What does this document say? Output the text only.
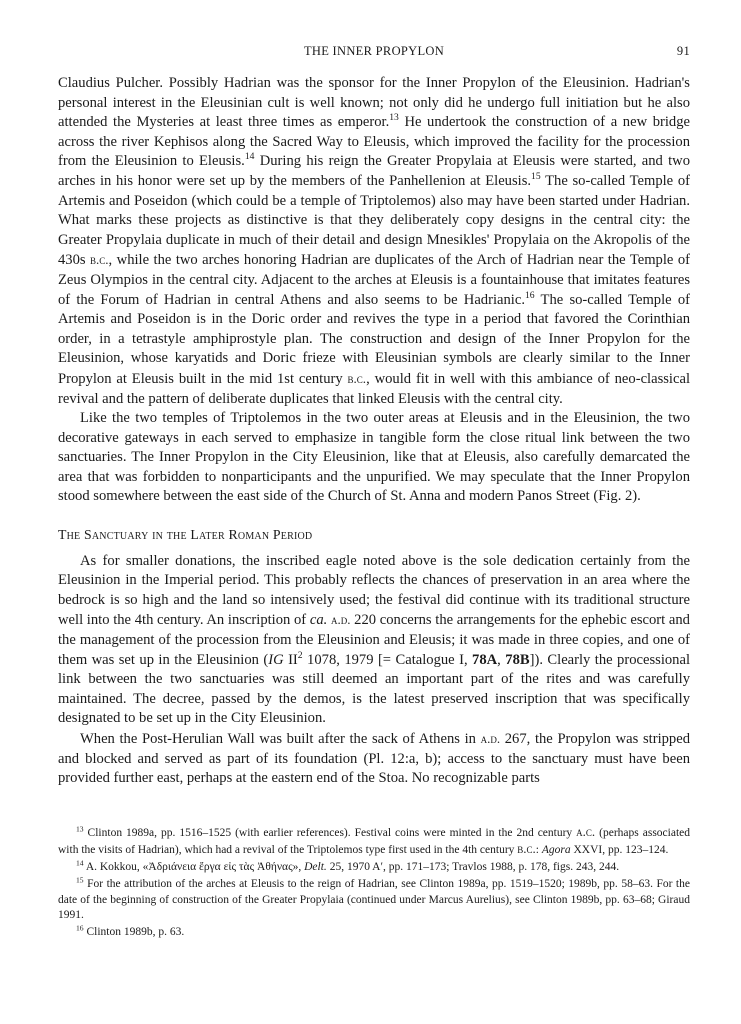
THE INNER PROPYLON	91

Claudius Pulcher. Possibly Hadrian was the sponsor for the Inner Propylon of the Eleusinion. Hadrian's personal interest in the Eleusinian cult is well known; not only did he undergo full initiation but he also attended the Mysteries at least three times as emperor.$^{13}$ He undertook the construction of a new bridge across the river Kephisos along the Sacred Way to Eleusis, which improved the facility for the procession from the Eleusinion to Eleusis.$^{14}$ During his reign the Greater Propylaia at Eleusis were started, and two arches in his honor were set up by the members of the Panhellenion at Eleusis.$^{15}$ The so-called Temple of Artemis and Poseidon (which could be a temple of Triptolemos) also may have been started under Hadrian. What marks these projects as distinctive is that they deliberately copy designs in the central city: the Greater Propylaia duplicate in much of their detail and design Mnesikles' Propylaia on the Akropolis of the 430s b.c., while the two arches honoring Hadrian are duplicates of the Arch of Hadrian near the Temple of Zeus Olympios in the central city. Adjacent to the arches at Eleusis is a fountainhouse that imitates features of the Forum of Hadrian in central Athens and also seems to be Hadrianic.$^{16}$ The so-called Temple of Artemis and Poseidon is in the Doric order and revives the type in a period that favored the Corinthian order, in a tetrastyle amphiprostyle plan. The construction and design of the Inner Propylon for the Eleusinion, whose karyatids and Doric frieze with Eleusinian symbols are clearly similar to the Inner Propylon at Eleusis built in the mid 1st century b.c., would fit in well with this ambiance of neo-classical revival and the pattern of deliberate duplicates that linked Eleusis with the central city.

Like the two temples of Triptolemos in the two outer areas at Eleusis and in the Eleusinion, the two decorative gateways in each served to emphasize in tangible form the close ritual link between the two sanctuaries. The Inner Propylon in the City Eleusinion, like that at Eleusis, also carefully demarcated the area that was forbidden to nonparticipants and the unpurified. We may speculate that the Inner Propylon stood somewhere between the east side of the Church of St. Anna and modern Panos Street (Fig. 2).

The Sanctuary in the Later Roman Period

As for smaller donations, the inscribed eagle noted above is the sole dedication certainly from the Eleusinion in the Imperial period. This probably reflects the chances of preservation in an area where the bedrock is so high and the land so intensively used; the festival did continue with its traditional structure well into the 4th century. An inscription of ca. a.d. 220 concerns the arrangements for the ephebic escort and the management of the procession from the Eleusinion and Eleusis; it was made in three copies, and one of them was set up in the Eleusinion (IG $II^2$ 1078, 1979 [= Catalogue I, 78A, 78B]). Clearly the processional link between the two sanctuaries was still deemed an important part of the rites and was carefully maintained. The decree, passed by the demos, is the latest preserved inscription that was specifically designated to be set up in the City Eleusinion.

When the Post-Herulian Wall was built after the sack of Athens in a.d. 267, the Propylon was stripped and blocked and served as part of its foundation (Pl. 12:a, b); access to the sanctuary must have been provided further east, perhaps at the eastern end of the Stoa. No recognizable parts

$^{13}$ Clinton 1989a, pp. 1516–1525 (with earlier references). Festival coins were minted in the 2nd century a.c. (perhaps associated with the visits of Hadrian), which had a revival of the Triptolemos type first used in the 4th century b.c.: Agora XXVI, pp. 123–124.

$^{14}$ A. Kokkou, «Ἀδριάνεια ἔργα εἰς τὰς Ἀθήνας», Delt. 25, 1970 A′, pp. 171–173; Travlos 1988, p. 178, figs. 243, 244.

$^{15}$ For the attribution of the arches at Eleusis to the reign of Hadrian, see Clinton 1989a, pp. 1519–1520; 1989b, pp. 58–63. For the date of the beginning of construction of the Greater Propylaia (continued under Marcus Aurelius), see Clinton 1989b, pp. 63–68; Giraud 1991.

$^{16}$ Clinton 1989b, p. 63.
